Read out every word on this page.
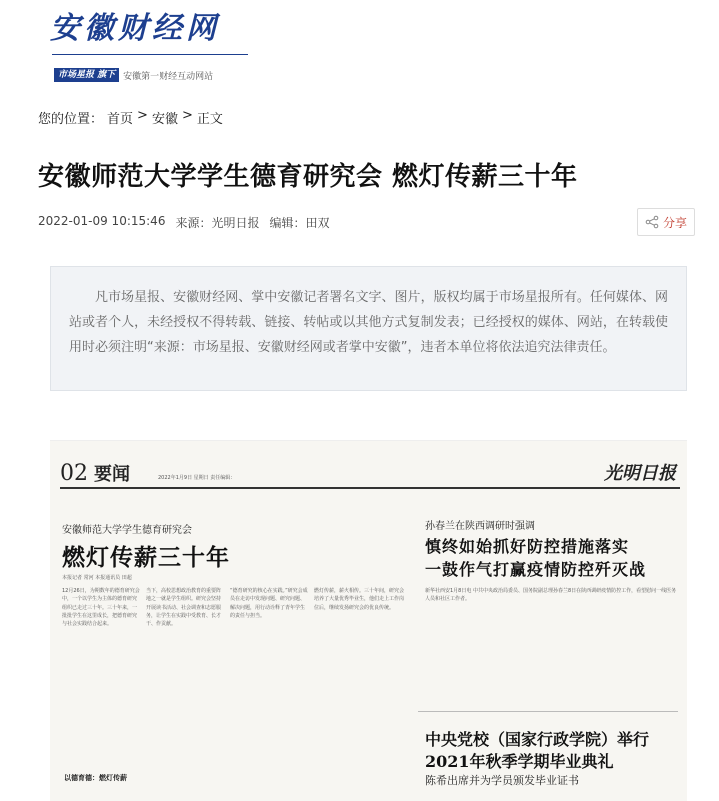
安徽财经网
市场星报 旗下 安徽第一财经互动网站
您的位置： 首页 > 安徽 > 正文
安徽师范大学学生德育研究会 燃灯传薪三十年
2022-01-09 10:15:46 来源：光明日报 编辑：田双	分享
凡市场星报、安徽财经网、掌中安徽记者署名文字、图片，版权均属于市场星报所有。任何媒体、网站或者个人，未经授权不得转载、链接、转帖或以其他方式复制发表；已经授权的媒体、网站，在转载使用时必须注明“来源：市场星报、安徽财经网或者掌中安徽”，违者本单位将依法追究法律责任。
02 要闻	2022年1月9日 星期日 责任编辑：	光明日报
安徽师范大学学生德育研究会
燃灯传薪三十年
本报记者 常河 本报通讯员 田超
12月26日，为期数年的德育研究会中，一个以学生为主体的德育研究组织已走过三十年。三十年来，一批批学生在这里成长，把德育研究与社会实践结合起来。
当下，高校思想政治教育的重要阵地之一就是学生组织。研究会坚持开展读书活动、社会调查和志愿服务，让学生在实践中受教育、长才干、作贡献。
“德育研究的核心在实践。”研究会成员在走访中发现问题、研究问题、解决问题，用行动诠释了青年学生的责任与担当。
燃灯传薪，薪火相传。三十年间，研究会培养了大量优秀毕业生，他们走上工作岗位后，继续发扬研究会的优良传统。
以德育德：燃灯传薪
孙春兰在陕西调研时强调
慎终如始抓好防控措施落实
一鼓作气打赢疫情防控歼灭战
新华社西安1月8日电 中共中央政治局委员、国务院副总理孙春兰8日在陕西调研疫情防控工作，看望慰问一线医务人员和社区工作者。
中央党校（国家行政学院）举行
2021年秋季学期毕业典礼
陈希出席并为学员颁发毕业证书
